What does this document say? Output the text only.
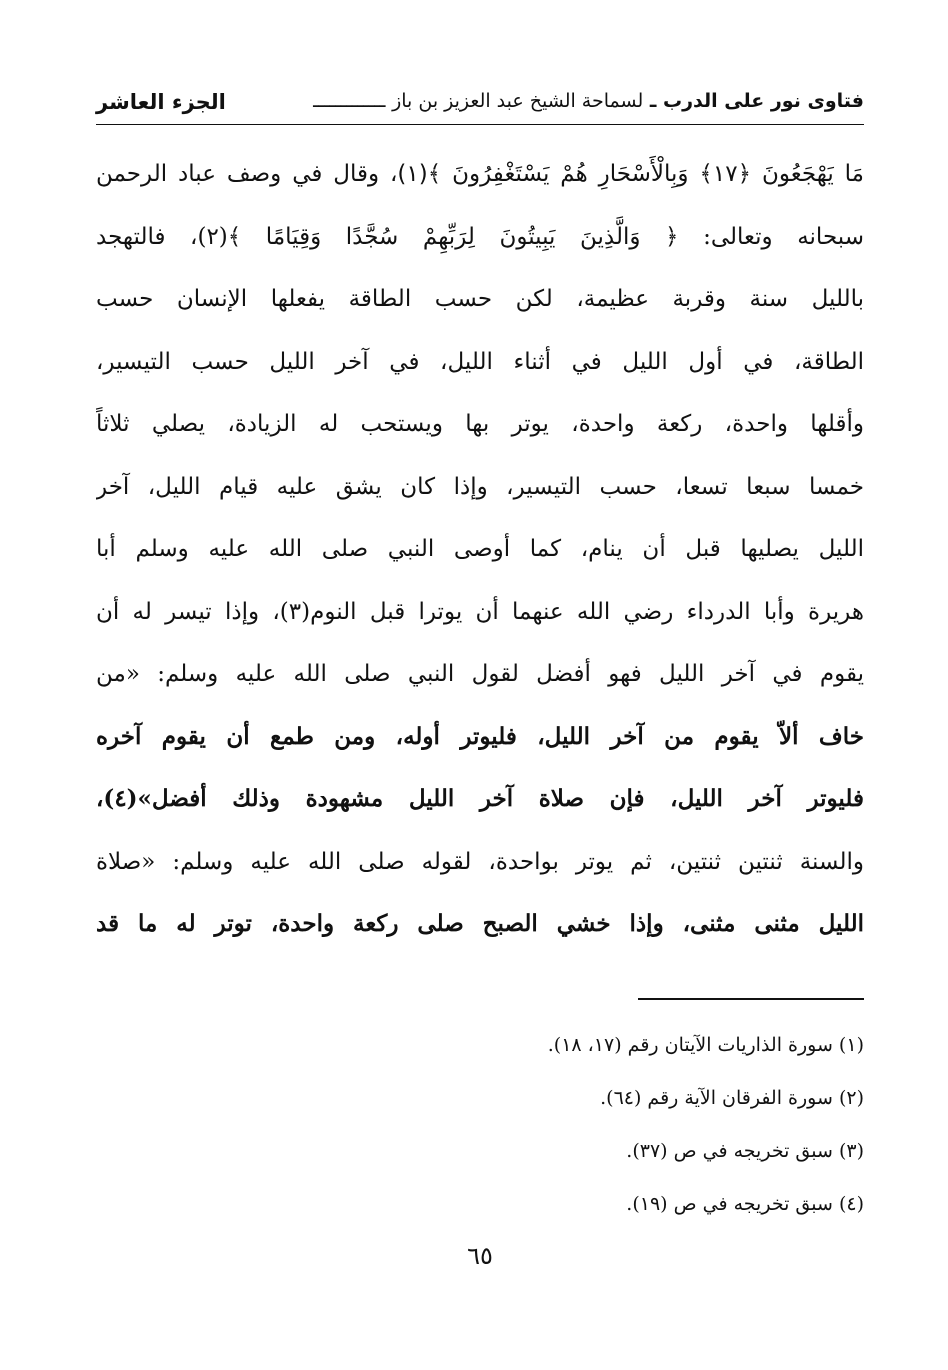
فتاوى نور على الدرب ـ لسماحة الشيخ عبد العزيز بن باز ـــــــــــــ
الجزء العاشر
مَا يَهْجَعُونَ ﴿١٧﴾ وَبِالْأَسْحَارِ هُمْ يَسْتَغْفِرُونَ ﴾(١)، وقال في وصف عباد الرحمن
سبحانه وتعالى: ﴿ وَالَّذِينَ يَبِيتُونَ لِرَبِّهِمْ سُجَّدًا وَقِيَامًا ﴾(٢)، فالتهجد
بالليل سنة وقربة عظيمة، لكن حسب الطاقة يفعلها الإنسان حسب
الطاقة، في أول الليل في أثناء الليل، في آخر الليل حسب التيسير،
وأقلها واحدة، ركعة واحدة، يوتر بها ويستحب له الزيادة، يصلي ثلاثاً
خمسا سبعا تسعا، حسب التيسير، وإذا كان يشق عليه قيام الليل، آخر
الليل يصليها قبل أن ينام، كما أوصى النبي صلى الله عليه وسلم أبا
هريرة وأبا الدرداء رضي الله عنهما أن يوترا قبل النوم(٣)، وإذا تيسر له أن
يقوم في آخر الليل فهو أفضل لقول النبي صلى الله عليه وسلم: «من
خاف ألاّ يقوم من آخر الليل، فليوتر أوله، ومن طمع أن يقوم آخره
فليوتر آخر الليل، فإن صلاة آخر الليل مشهودة وذلك أفضل»(٤)،
والسنة ثنتين ثنتين، ثم يوتر بواحدة، لقوله صلى الله عليه وسلم: «صلاة
الليل مثنى مثنى، وإذا خشي الصبح صلى ركعة واحدة، توتر له ما قد
(١) سورة الذاريات الآيتان رقم (١٧، ١٨).
(٢) سورة الفرقان الآية رقم (٦٤).
(٣) سبق تخريجه في ص (٣٧).
(٤) سبق تخريجه في ص (١٩).
٦٥
